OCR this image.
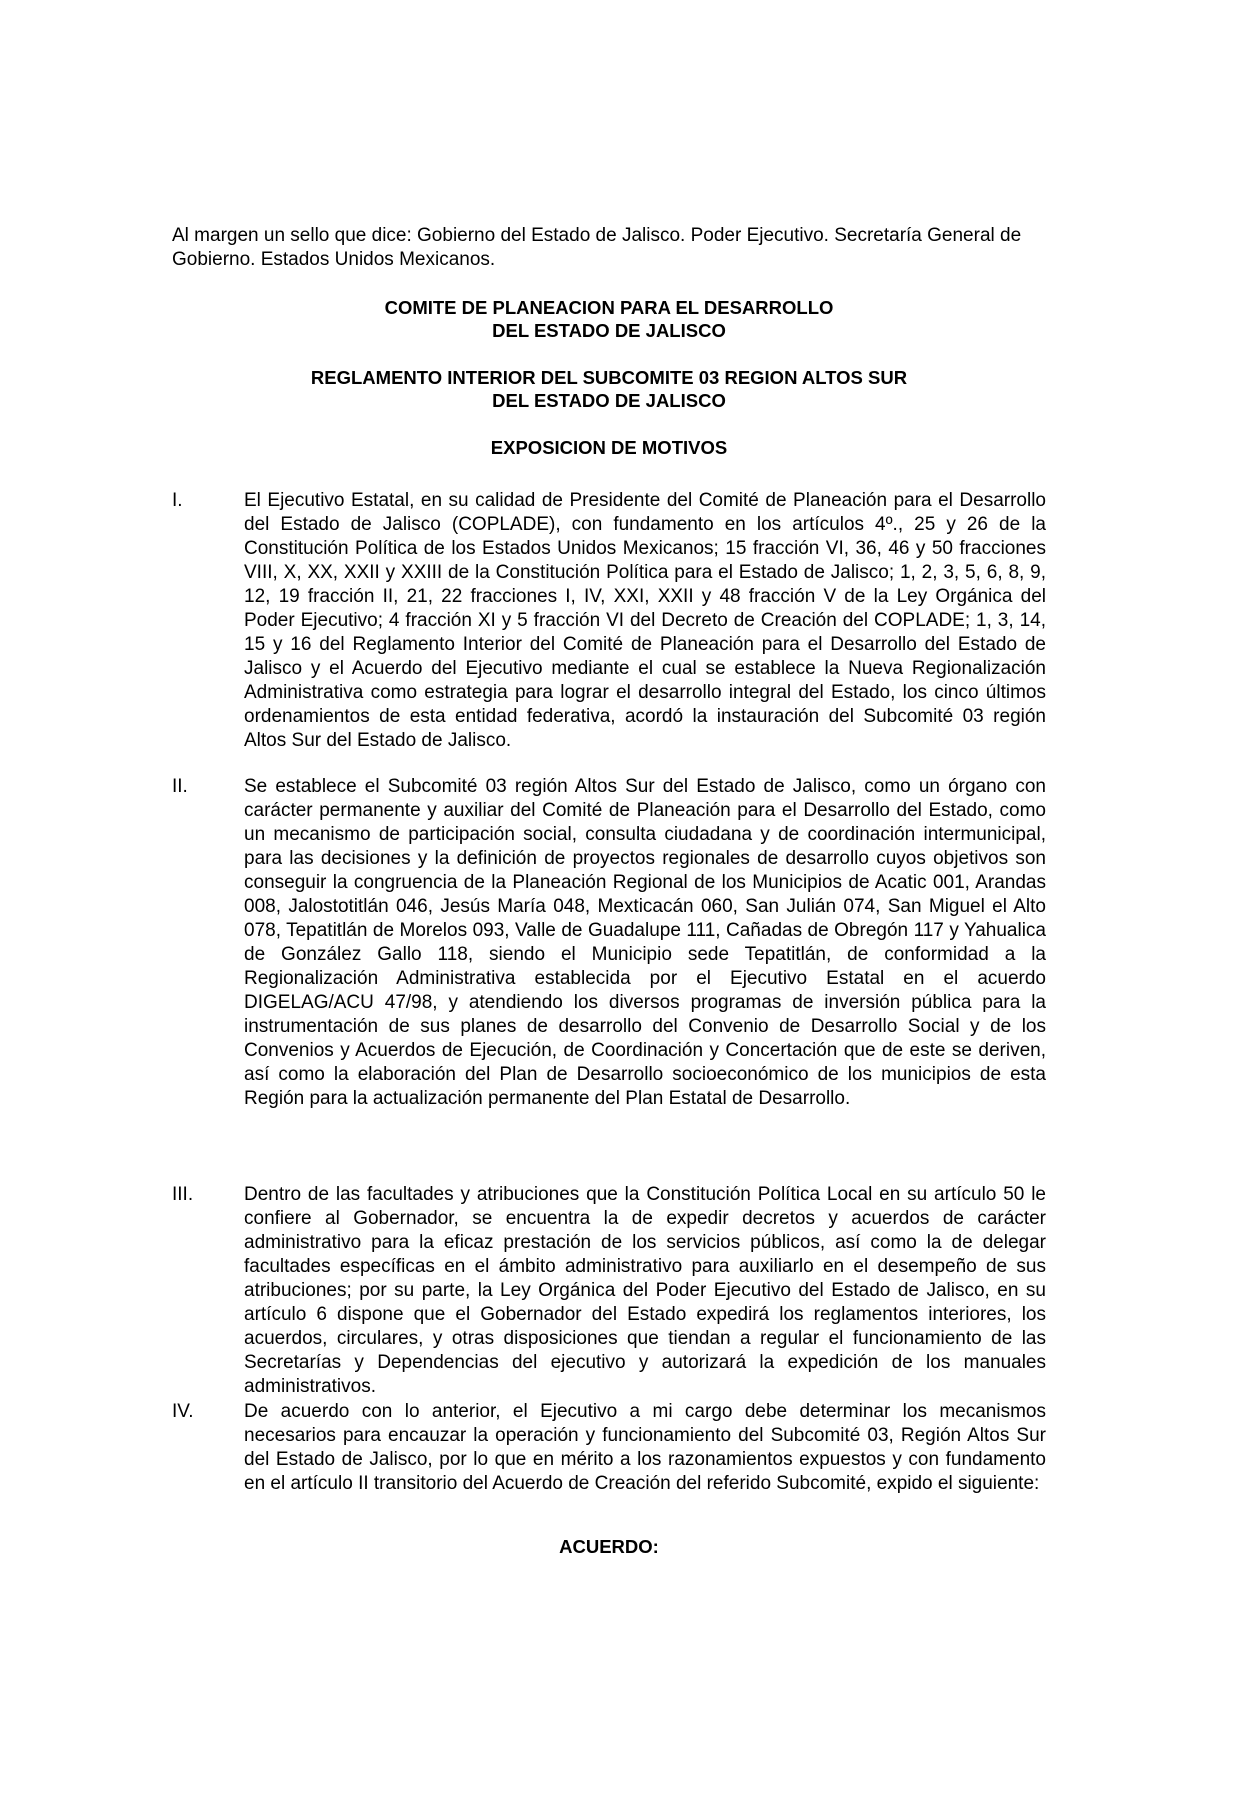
Al margen un sello que dice: Gobierno del Estado de Jalisco. Poder Ejecutivo. Secretaría General de Gobierno. Estados Unidos Mexicanos.

COMITE DE PLANEACION PARA EL DESARROLLO
DEL ESTADO DE JALISCO
REGLAMENTO INTERIOR DEL SUBCOMITE 03 REGION ALTOS SUR
DEL ESTADO DE JALISCO
EXPOSICION DE MOTIVOS
I.	El Ejecutivo Estatal, en su calidad de Presidente del Comité de Planeación para el Desarrollo del Estado de Jalisco (COPLADE), con fundamento en los artículos 4º., 25 y 26 de la Constitución Política de los Estados Unidos Mexicanos; 15 fracción VI, 36, 46 y 50 fracciones VIII, X, XX, XXII y XXIII de la Constitución Política para el Estado de Jalisco; 1, 2, 3, 5, 6, 8, 9, 12, 19 fracción II, 21, 22 fracciones I, IV, XXI, XXII y 48 fracción V de la Ley Orgánica del Poder Ejecutivo; 4 fracción XI y 5 fracción VI del Decreto de Creación del COPLADE; 1, 3, 14, 15 y 16 del Reglamento Interior del Comité de Planeación para el Desarrollo del Estado de Jalisco y el Acuerdo del Ejecutivo mediante el cual se establece la Nueva Regionalización Administrativa como estrategia para lograr el desarrollo integral del Estado, los cinco últimos ordenamientos de esta entidad federativa, acordó la instauración del Subcomité 03 región Altos Sur del Estado de Jalisco.
II.	Se establece el Subcomité 03 región Altos Sur del Estado de Jalisco, como un órgano con carácter permanente y auxiliar del Comité de Planeación para el Desarrollo del Estado, como un mecanismo de participación social, consulta ciudadana y de coordinación intermunicipal, para las decisiones y la definición de proyectos regionales de desarrollo cuyos objetivos son conseguir la congruencia de la Planeación Regional de los Municipios de Acatic 001, Arandas 008, Jalostotitlán 046, Jesús María 048, Mexticacán 060, San Julián 074, San Miguel el Alto 078, Tepatitlán de Morelos 093, Valle de Guadalupe 111, Cañadas de Obregón 117 y Yahualica de González Gallo 118, siendo el Municipio sede Tepatitlán, de conformidad a la Regionalización Administrativa establecida por el Ejecutivo Estatal en el acuerdo DIGELAG/ACU 47/98, y atendiendo los diversos programas de inversión pública para la instrumentación de sus planes de desarrollo del Convenio de Desarrollo Social y de los Convenios y Acuerdos de Ejecución, de Coordinación y Concertación que de este se deriven, así como la elaboración del Plan de Desarrollo socioeconómico de los municipios de esta Región para la actualización permanente del Plan Estatal de Desarrollo.
III.	Dentro de las facultades y atribuciones que la Constitución Política Local en su artículo 50 le confiere al Gobernador, se encuentra la de expedir decretos y acuerdos de carácter administrativo para la eficaz prestación de los servicios públicos, así como la de delegar facultades específicas en el ámbito administrativo para auxiliarlo en el desempeño de sus atribuciones; por su parte, la Ley Orgánica del Poder Ejecutivo del Estado de Jalisco, en su artículo 6 dispone que el Gobernador del Estado expedirá los reglamentos interiores, los acuerdos, circulares, y otras disposiciones que tiendan a regular el funcionamiento de las Secretarías y Dependencias del ejecutivo y autorizará la expedición de los manuales administrativos.
IV.	De acuerdo con lo anterior, el Ejecutivo a mi cargo debe determinar los mecanismos necesarios para encauzar la operación y funcionamiento del Subcomité 03, Región Altos Sur del Estado de Jalisco, por lo que en mérito a los razonamientos expuestos y con fundamento en el artículo II transitorio del Acuerdo de Creación del referido Subcomité, expido el siguiente:
ACUERDO:
